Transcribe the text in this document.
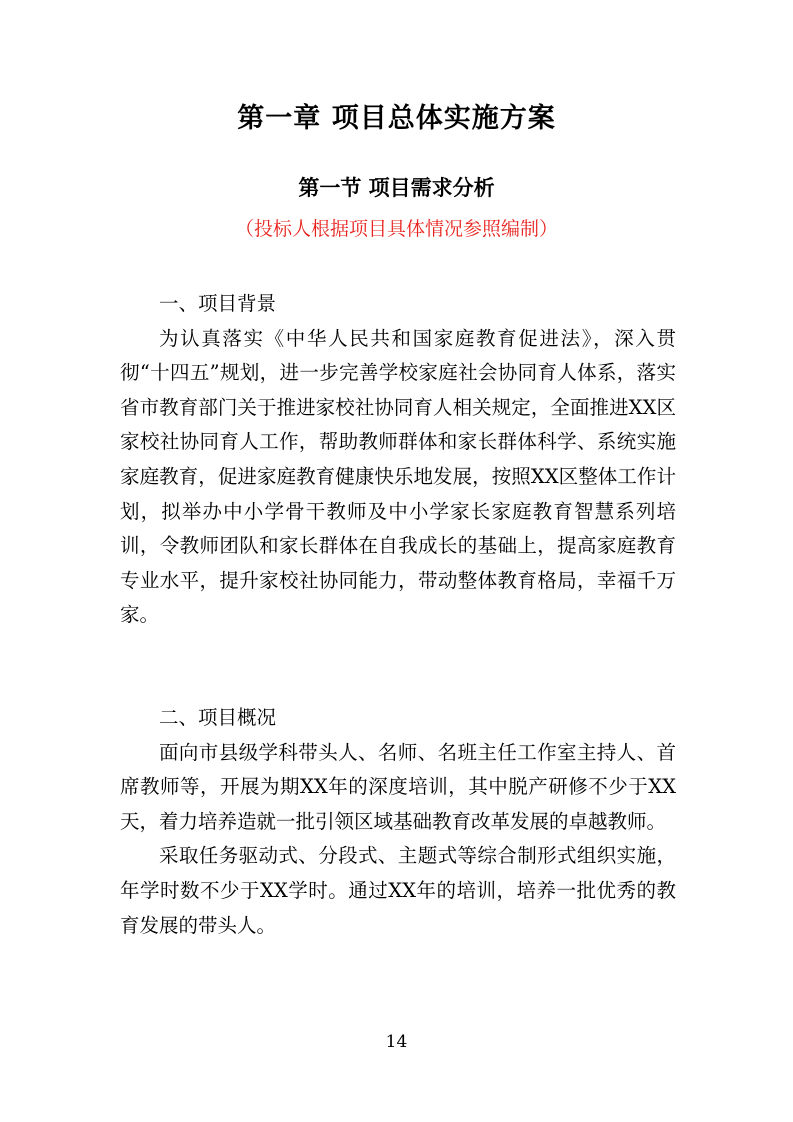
第一章 项目总体实施方案
第一节 项目需求分析
（投标人根据项目具体情况参照编制）

一、项目背景

为认真落实《中华人民共和国家庭教育促进法》，深入贯彻“十四五”规划，进一步完善学校家庭社会协同育人体系，落实省市教育部门关于推进家校社协同育人相关规定，全面推进XX区家校社协同育人工作，帮助教师群体和家长群体科学、系统实施家庭教育，促进家庭教育健康快乐地发展，按照XX区整体工作计划，拟举办中小学骨干教师及中小学家长家庭教育智慧系列培训，令教师团队和家长群体在自我成长的基础上，提高家庭教育专业水平，提升家校社协同能力，带动整体教育格局，幸福千万家。

二、项目概况

面向市县级学科带头人、名师、名班主任工作室主持人、首席教师等，开展为期XX年的深度培训，其中脱产研修不少于XX天，着力培养造就一批引领区域基础教育改革发展的卓越教师。

采取任务驱动式、分段式、主题式等综合制形式组织实施，年学时数不少于XX学时。通过XX年的培训，培养一批优秀的教育发展的带头人。

14
